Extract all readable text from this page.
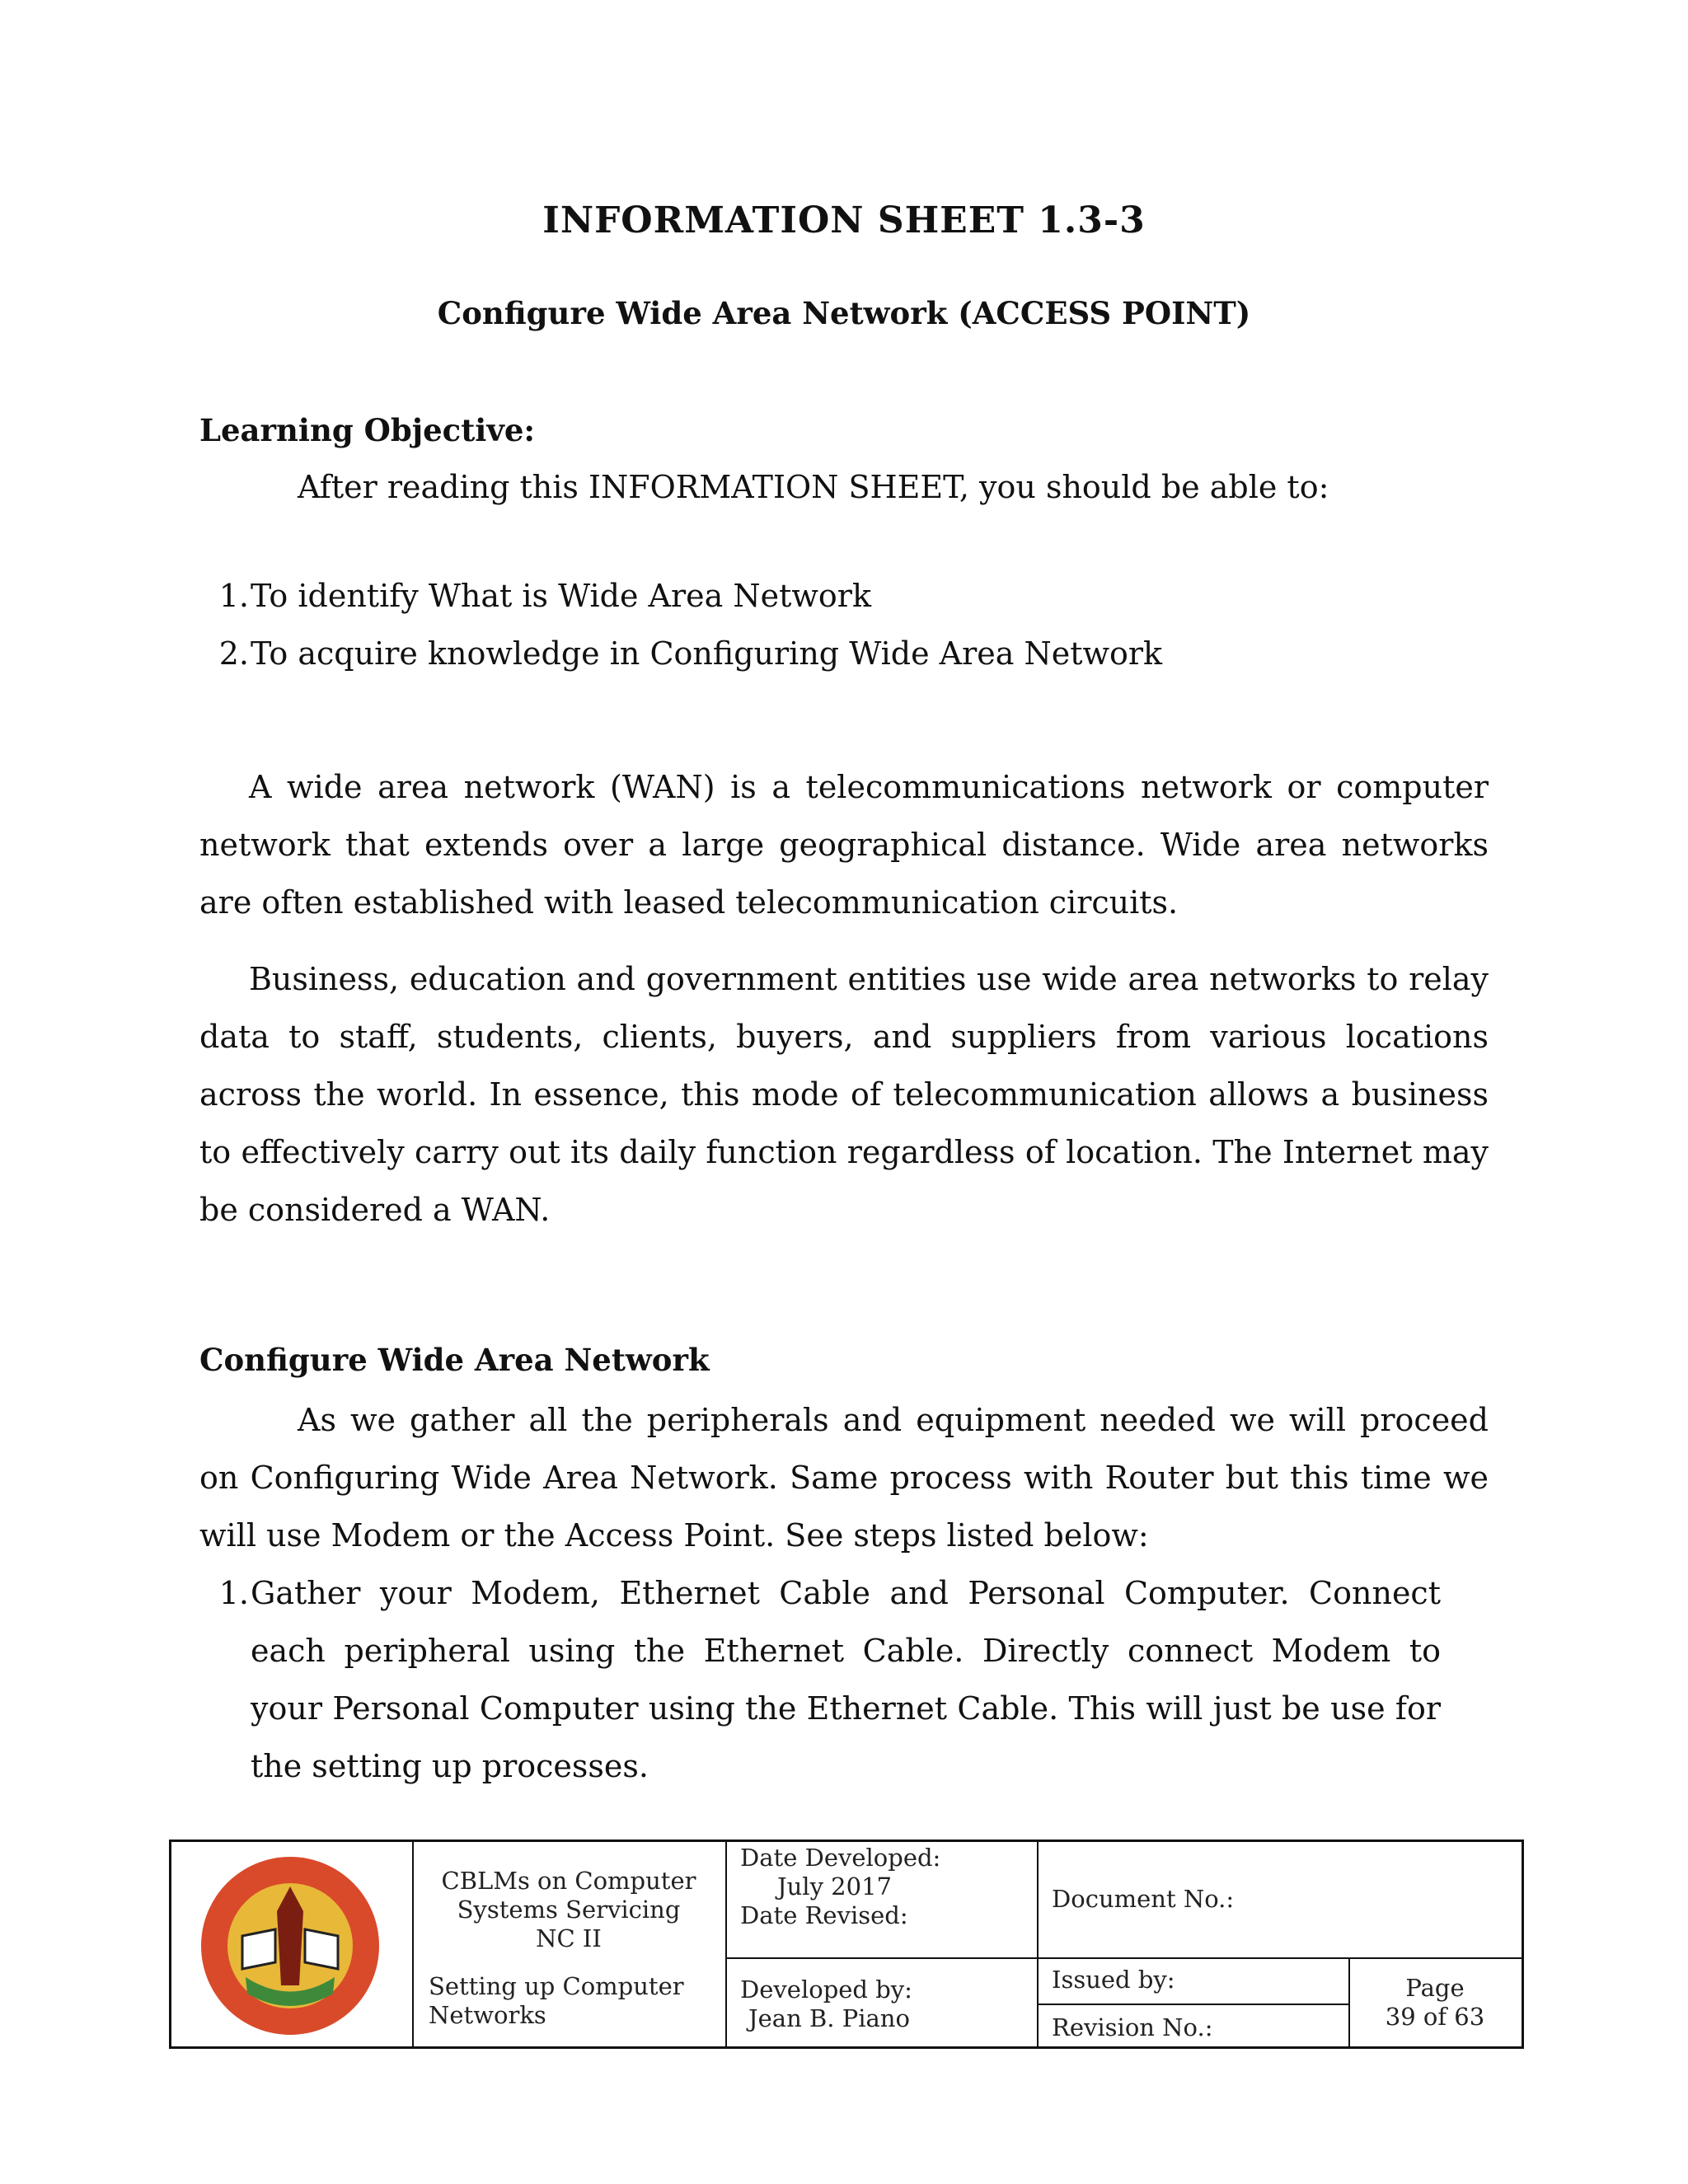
INFORMATION SHEET 1.3-3
Configure Wide Area Network (ACCESS POINT)
Learning Objective:
After reading this INFORMATION SHEET, you should be able to:
1. To identify What is Wide Area Network
2. To acquire knowledge in Configuring Wide Area Network
A wide area network (WAN) is a telecommunications network or computer network that extends over a large geographical distance. Wide area networks are often established with leased telecommunication circuits.
Business, education and government entities use wide area networks to relay data to staff, students, clients, buyers, and suppliers from various locations across the world. In essence, this mode of telecommunication allows a business to effectively carry out its daily function regardless of location. The Internet may be considered a WAN.
Configure Wide Area Network
As we gather all the peripherals and equipment needed we will proceed on Configuring Wide Area Network. Same process with Router but this time we will use Modem or the Access Point. See steps listed below:
1. Gather your Modem, Ethernet Cable and Personal Computer. Connect each peripheral using the Ethernet Cable. Directly connect Modem to your Personal Computer using the Ethernet Cable. This will just be use for the setting up processes.
CBLMs on Computer
Systems Servicing
NC II
Setting up Computer
Networks
Date Developed:
July 2017
Date Revised:
Developed by:
Jean B. Piano
Document No.:
Issued by:
Revision No.:
Page
39 of 63
